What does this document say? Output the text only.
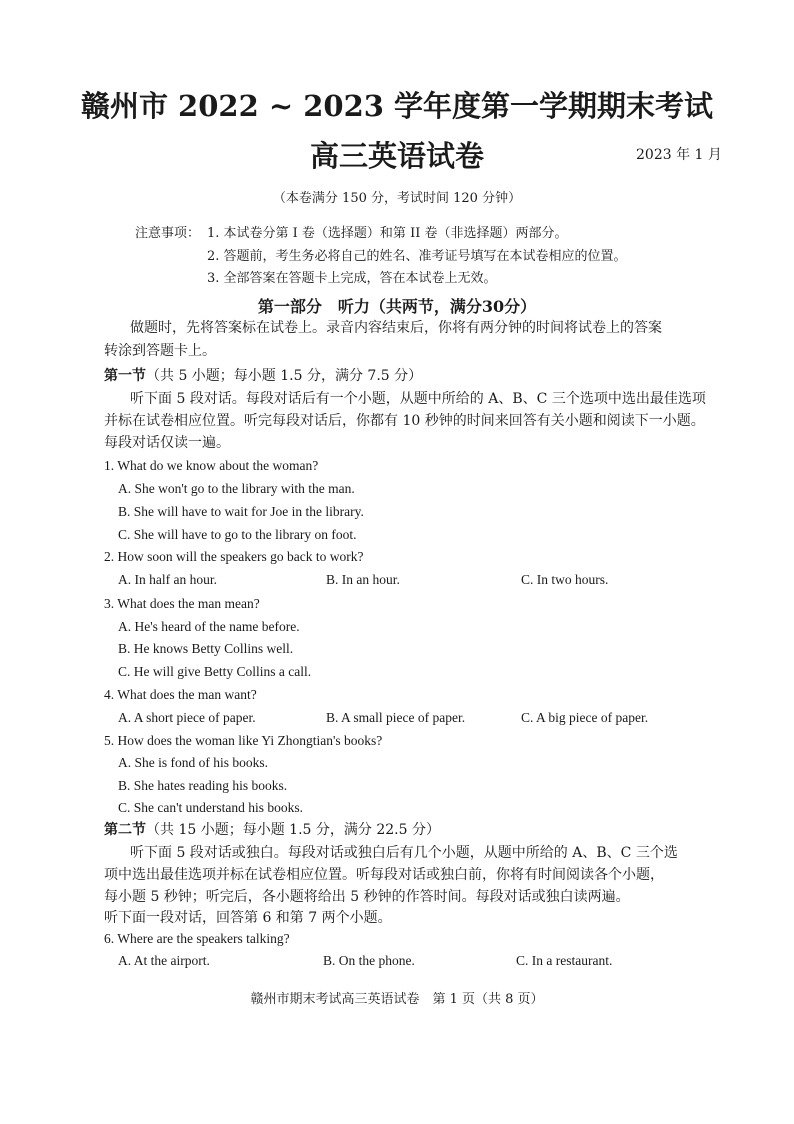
赣州市 2022 ~ 2023 学年度第一学期期末考试
高三英语试卷	2023 年 1 月
（本卷满分 150 分，考试时间 120 分钟）
注意事项： 1. 本试卷分第 I 卷（选择题）和第 II 卷（非选择题）两部分。
2. 答题前，考生务必将自己的姓名、准考证号填写在本试卷相应的位置。
3. 全部答案在答题卡上完成，答在本试卷上无效。
第一部分　听力（共两节，满分30分）
做题时，先将答案标在试卷上。录音内容结束后，你将有两分钟的时间将试卷上的答案
转涂到答题卡上。
第一节（共 5 小题；每小题 1.5 分，满分 7.5 分）
听下面 5 段对话。每段对话后有一个小题，从题中所给的 A、B、C 三个选项中选出最佳选项
并标在试卷相应位置。听完每段对话后，你都有 10 秒钟的时间来回答有关小题和阅读下一小题。
每段对话仅读一遍。
1. What do we know about the woman?
A. She won't go to the library with the man.
B. She will have to wait for Joe in the library.
C. She will have to go to the library on foot.
2. How soon will the speakers go back to work?
A. In half an hour.	B. In an hour.	C. In two hours.
3. What does the man mean?
A. He's heard of the name before.
B. He knows Betty Collins well.
C. He will give Betty Collins a call.
4. What does the man want?
A. A short piece of paper.	B. A small piece of paper.	C. A big piece of paper.
5. How does the woman like Yi Zhongtian's books?
A. She is fond of his books.
B. She hates reading his books.
C. She can't understand his books.
第二节（共 15 小题；每小题 1.5 分，满分 22.5 分）
听下面 5 段对话或独白。每段对话或独白后有几个小题，从题中所给的 A、B、C 三个选
项中选出最佳选项并标在试卷相应位置。听每段对话或独白前，你将有时间阅读各个小题，
每小题 5 秒钟；听完后，各小题将给出 5 秒钟的作答时间。每段对话或独白读两遍。
听下面一段对话，回答第 6 和第 7 两个小题。
6. Where are the speakers talking?
A. At the airport.	B. On the phone.	C. In a restaurant.
赣州市期末考试高三英语试卷　第 1 页（共 8 页）
